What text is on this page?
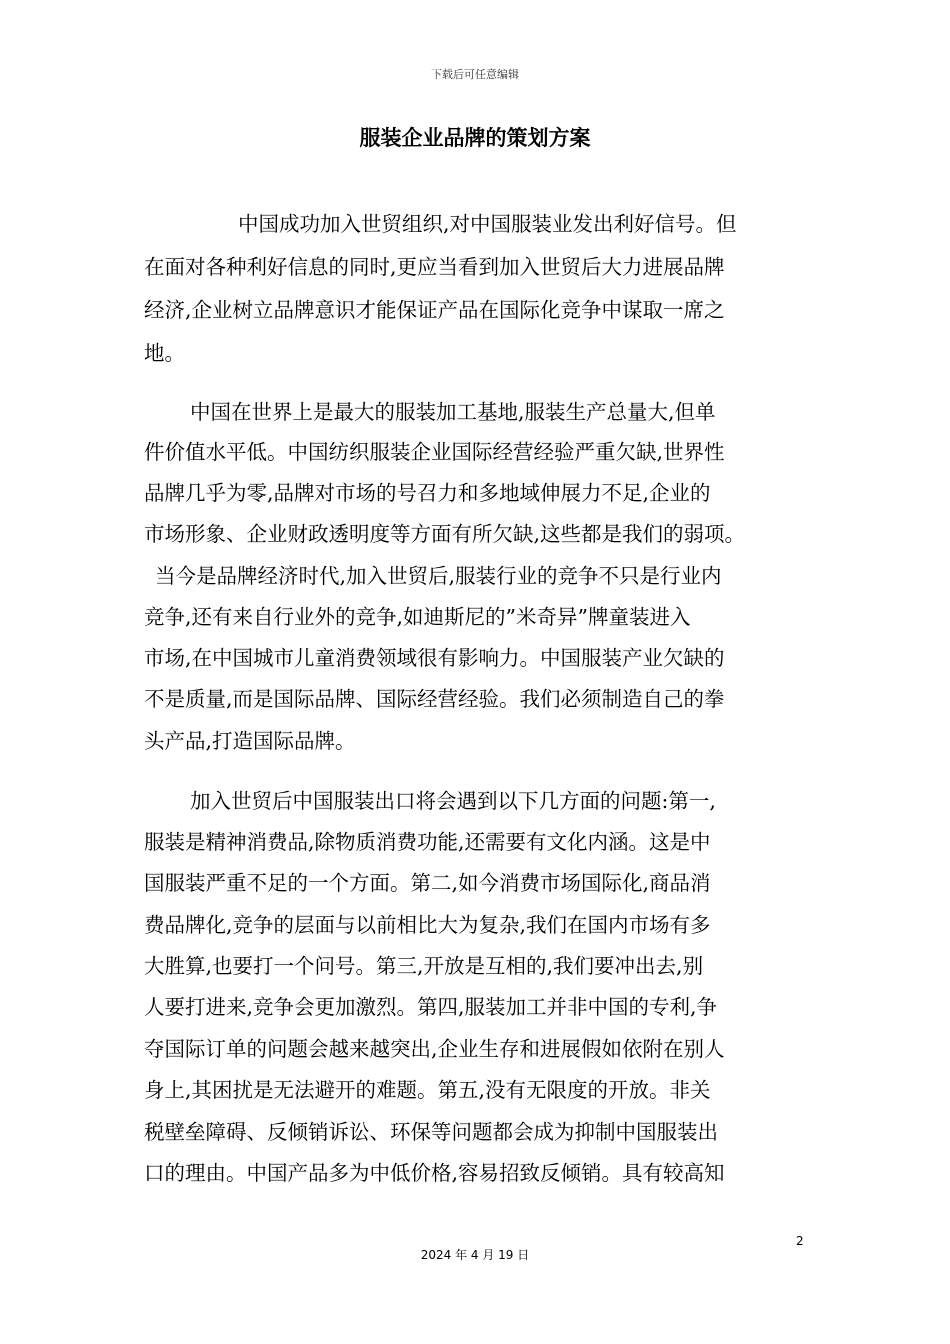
下载后可任意编辑
服装企业品牌的策划方案
中国成功加入世贸组织,对中国服装业发出利好信号。但
在面对各种利好信息的同时,更应当看到加入世贸后大力进展品牌
经济,企业树立品牌意识才能保证产品在国际化竞争中谋取一席之
地。
中国在世界上是最大的服装加工基地,服装生产总量大,但单
件价值水平低。中国纺织服装企业国际经营经验严重欠缺,世界性
品牌几乎为零,品牌对市场的号召力和多地域伸展力不足,企业的
市场形象、企业财政透明度等方面有所欠缺,这些都是我们的弱项。
当今是品牌经济时代,加入世贸后,服装行业的竞争不只是行业内
竞争,还有来自行业外的竞争,如迪斯尼的”米奇异”牌童装进入
市场,在中国城市儿童消费领域很有影响力。中国服装产业欠缺的
不是质量,而是国际品牌、国际经营经验。我们必须制造自己的拳
头产品,打造国际品牌。
加入世贸后中国服装出口将会遇到以下几方面的问题:第一,
服装是精神消费品,除物质消费功能,还需要有文化内涵。这是中
国服装严重不足的一个方面。第二,如今消费市场国际化,商品消
费品牌化,竞争的层面与以前相比大为复杂,我们在国内市场有多
大胜算,也要打一个问号。第三,开放是互相的,我们要冲出去,别
人要打进来,竞争会更加激烈。第四,服装加工并非中国的专利,争
夺国际订单的问题会越来越突出,企业生存和进展假如依附在别人
身上,其困扰是无法避开的难题。第五,没有无限度的开放。非关
税壁垒障碍、反倾销诉讼、环保等问题都会成为抑制中国服装出
口的理由。中国产品多为中低价格,容易招致反倾销。具有较高知
2
2024 年 4 月 19 日
